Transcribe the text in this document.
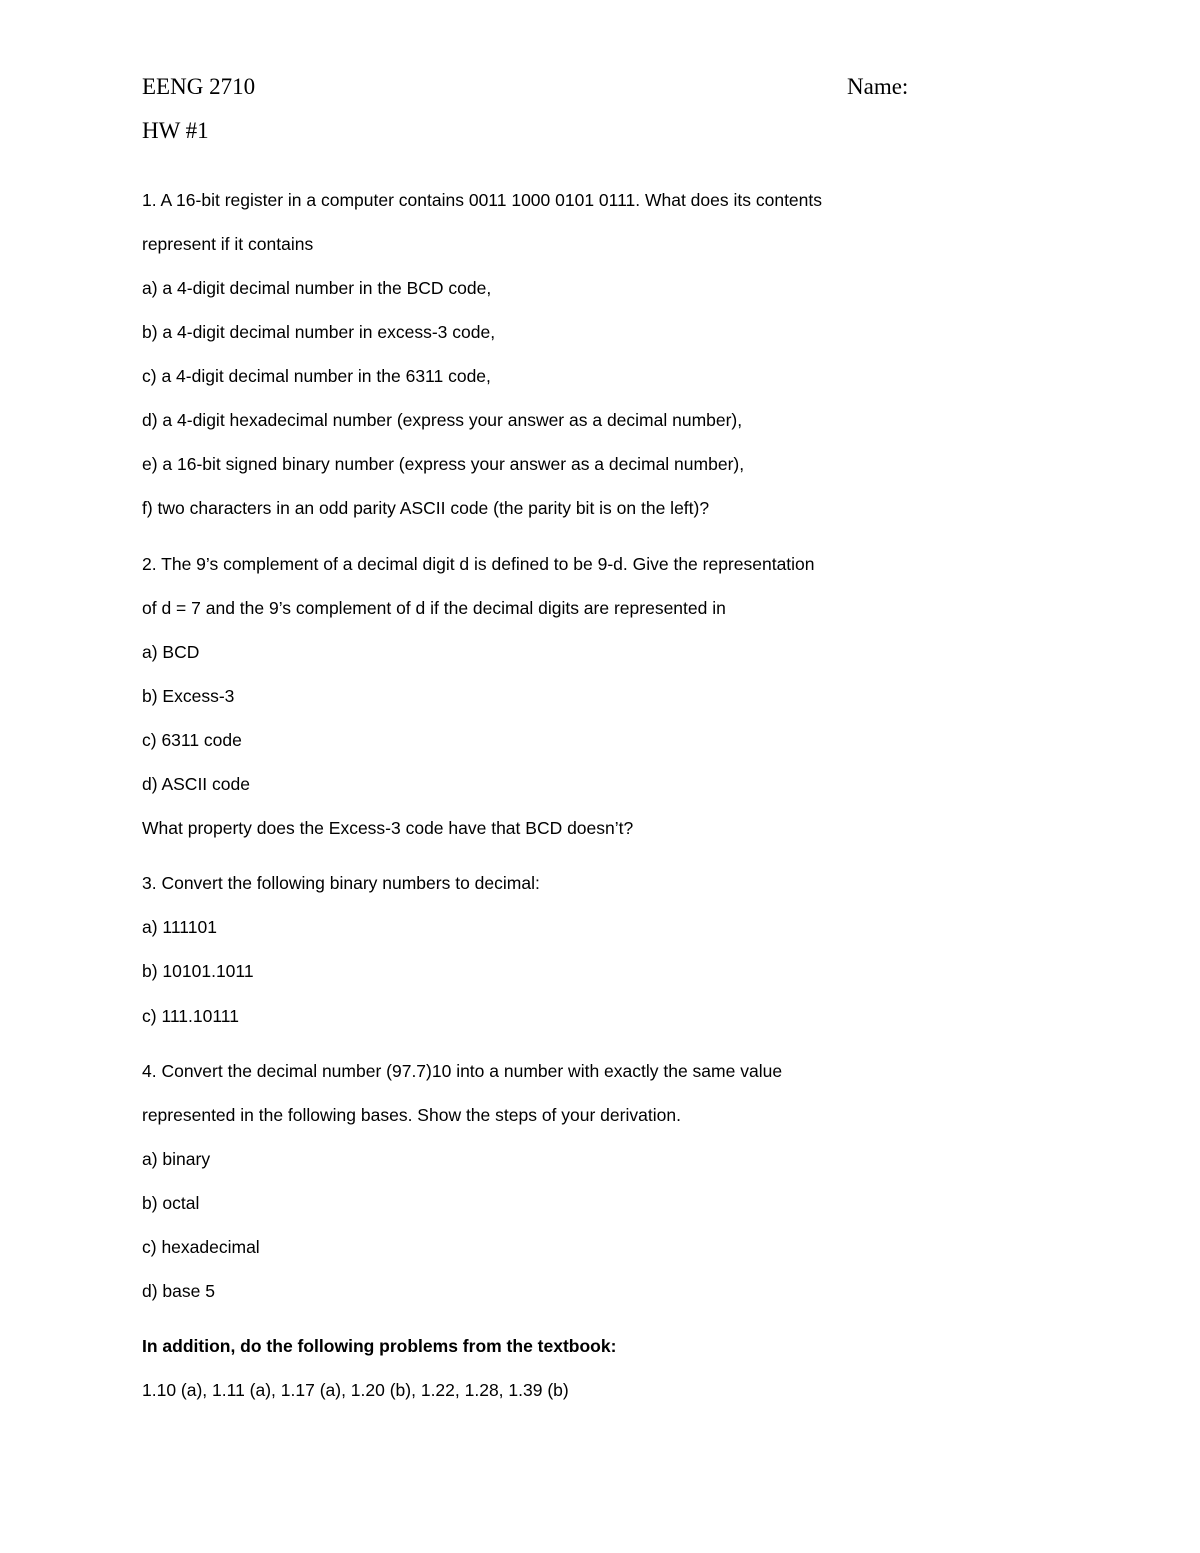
EENG 2710	Name:
HW #1
1. A 16-bit register in a computer contains 0011 1000 0101 0111. What does its contents
represent if it contains
a) a 4-digit decimal number in the BCD code,
b) a 4-digit decimal number in excess-3 code,
c) a 4-digit decimal number in the 6311 code,
d) a 4-digit hexadecimal number (express your answer as a decimal number),
e) a 16-bit signed binary number (express your answer as a decimal number),
f) two characters in an odd parity ASCII code (the parity bit is on the left)?
2. The 9’s complement of a decimal digit d is defined to be 9-d. Give the representation
of d = 7 and the 9’s complement of d if the decimal digits are represented in
a) BCD
b) Excess-3
c) 6311 code
d) ASCII code
What property does the Excess-3 code have that BCD doesn’t?
3. Convert the following binary numbers to decimal:
a) 111101
b) 10101.1011
c) 111.10111
4. Convert the decimal number (97.7)10 into a number with exactly the same value
represented in the following bases. Show the steps of your derivation.
a) binary
b) octal
c) hexadecimal
d) base 5
In addition, do the following problems from the textbook:
1.10 (a), 1.11 (a), 1.17 (a), 1.20 (b), 1.22, 1.28, 1.39 (b)
